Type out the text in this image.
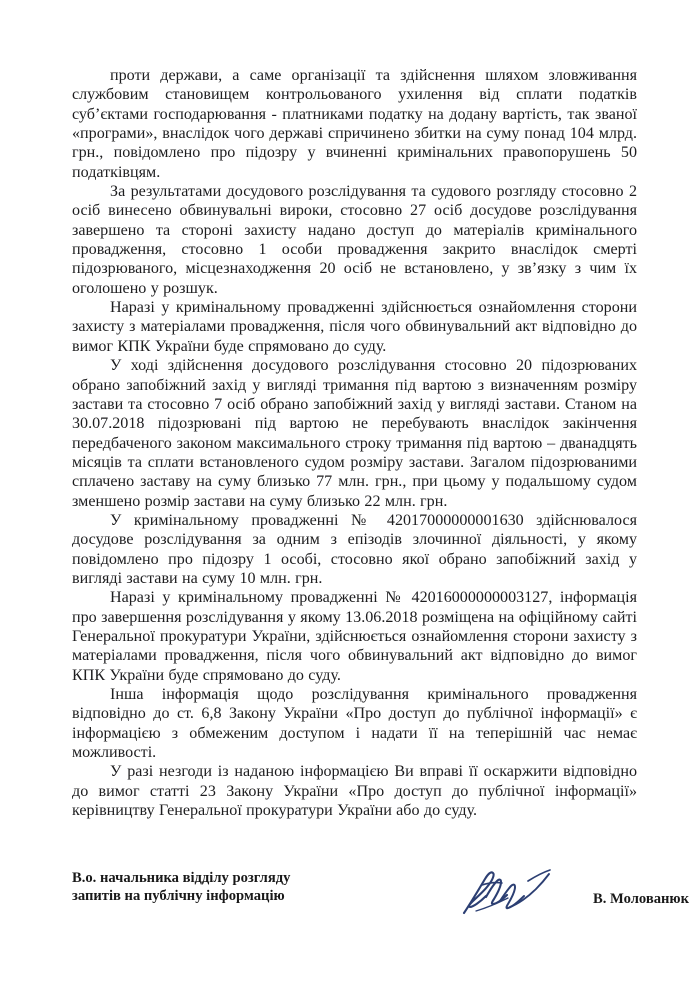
проти держави, а саме організації та здійснення шляхом зловживання службовим становищем контрольованого ухилення від сплати податків суб’єктами господарювання - платниками податку на додану вартість, так званої «програми», внаслідок чого державі спричинено збитки на суму понад 104 млрд. грн., повідомлено про підозру у вчиненні кримінальних правопорушень 50 податківцям.

За результатами досудового розслідування та судового розгляду стосовно 2 осіб винесено обвинувальні вироки, стосовно 27 осіб досудове розслідування завершено та стороні захисту надано доступ до матеріалів кримінального провадження, стосовно 1 особи провадження закрито внаслідок смерті підозрюваного, місцезнаходження 20 осіб не встановлено, у зв’язку з чим їх оголошено у розшук.

Наразі у кримінальному провадженні здійснюється ознайомлення сторони захисту з матеріалами провадження, після чого обвинувальний акт відповідно до вимог КПК України буде спрямовано до суду.

У ході здійснення досудового розслідування стосовно 20 підозрюваних обрано запобіжний захід у вигляді тримання під вартою з визначенням розміру застави та стосовно 7 осіб обрано запобіжний захід у вигляді застави. Станом на 30.07.2018 підозрювані під вартою не перебувають внаслідок закінчення передбаченого законом максимального строку тримання під вартою – дванадцять місяців та сплати встановленого судом розміру застави. Загалом підозрюваними сплачено заставу на суму близько 77 млн. грн., при цьому у подальшому судом зменшено розмір застави на суму близько 22 млн. грн.

У кримінальному провадженні № 42017000000001630 здійснювалося досудове розслідування за одним з епізодів злочинної діяльності, у якому повідомлено про підозру 1 особі, стосовно якої обрано запобіжний захід у вигляді застави на суму 10 млн. грн.

Наразі у кримінальному провадженні № 42016000000003127, інформація про завершення розслідування у якому 13.06.2018 розміщена на офіційному сайті Генеральної прокуратури України, здійснюється ознайомлення сторони захисту з матеріалами провадження, після чого обвинувальний акт відповідно до вимог КПК України буде спрямовано до суду.

Інша інформація щодо розслідування кримінального провадження відповідно до ст. 6,8 Закону України «Про доступ до публічної інформації» є інформацією з обмеженим доступом і надати її на теперішній час немає можливості.

У разі незгоди із наданою інформацією Ви вправі її оскаржити відповідно до вимог статті 23 Закону України «Про доступ до публічної інформації» керівництву Генеральної прокуратури України або до суду.

В.о. начальника відділу розгляду
запитів на публічну інформацію	В. Молованюк
